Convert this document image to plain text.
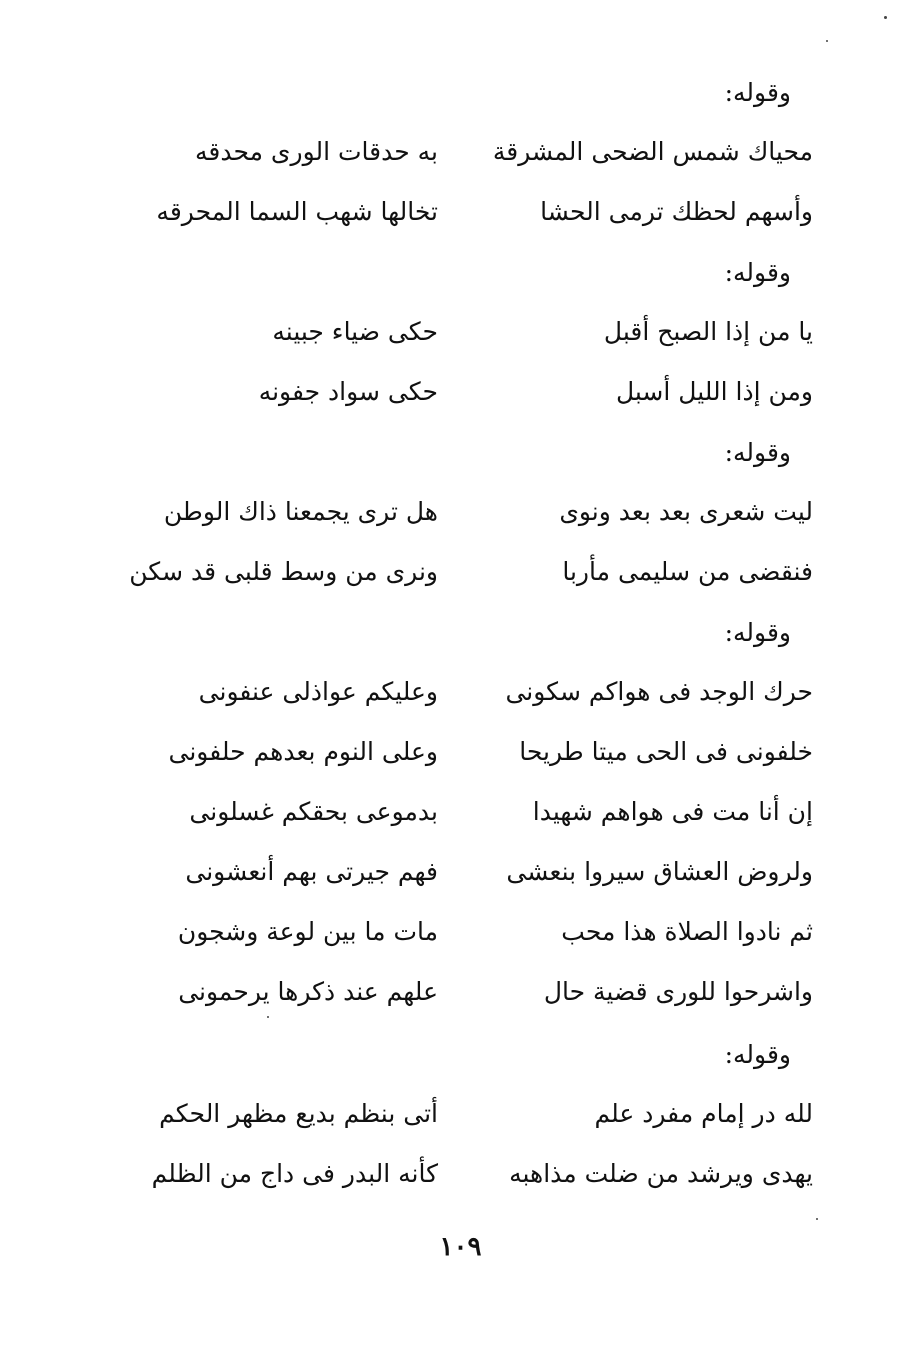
وقوله:
محياك شمس الضحى المشرقة
به حدقات الورى محدقه
وأسهم لحظك ترمى الحشا
تخالها شهب السما المحرقه
وقوله:
يا من إذا الصبح أقبل
حكى ضياء جبينه
ومن إذا الليل أسبل
حكى سواد جفونه
وقوله:
ليت شعرى بعد بعد ونوى
هل ترى يجمعنا ذاك الوطن
فنقضى من سليمى مأربا
ونرى من وسط قلبى قد سكن
وقوله:
حرك الوجد فى هواكم سكونى
وعليكم عواذلى عنفونى
خلفونى فى الحى ميتا طريحا
وعلى النوم بعدهم حلفونى
إن أنا مت فى هواهم شهيدا
بدموعى بحقكم غسلونى
ولروض العشاق سيروا بنعشى
فهم جيرتى بهم أنعشونى
ثم نادوا الصلاة هذا محب
مات ما بين لوعة وشجون
واشرحوا للورى قضية حال
علهم عند ذكرها يرحمونى
وقوله:
لله در إمام مفرد علم
أتى بنظم بديع مظهر الحكم
يهدى ويرشد من ضلت مذاهبه
كأنه البدر فى داج من الظلم
١٠٩
